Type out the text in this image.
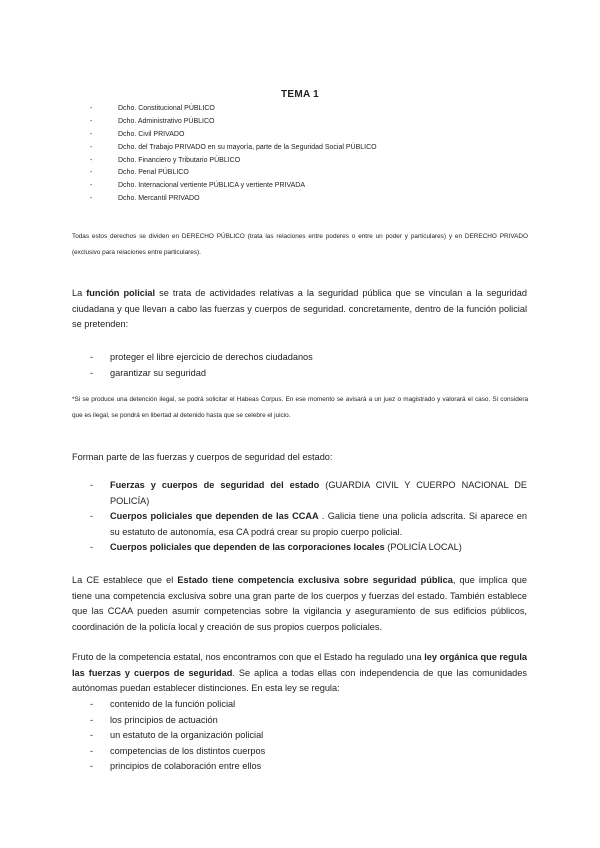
TEMA 1
-	Dcho. Constitucional PÚBLICO
-	Dcho. Administrativo PÚBLICO
-	Dcho. Civil PRIVADO
-	Dcho. del Trabajo PRIVADO en su mayoría, parte de la Seguridad Social PÚBLICO
-	Dcho. Financiero y Tributario PÚBLICO
-	Dcho. Penal PÚBLICO
-	Dcho. Internacional vertiente PÚBLICA y vertiente PRIVADA
-	Dcho. Mercantil PRIVADO
Todas estos derechos se dividen en DERECHO PÚBLICO (trata las relaciones entre poderes o entre un poder y particulares) y en DERECHO PRIVADO (exclusivo para relaciones entre particulares).
La función policial se trata de actividades relativas a la seguridad pública que se vinculan a la seguridad ciudadana y que llevan a cabo las fuerzas y cuerpos de seguridad. concretamente, dentro de la función policial se pretenden:
- proteger el libre ejercicio de derechos ciudadanos
- garantizar su seguridad
*Si se produce una detención ilegal, se podrá solicitar el Habeas Corpus. En ese momento se avisará a un juez o magistrado y valorará el caso. Si considera que es ilegal, se pondrá en libertad al detenido hasta que se celebre el juicio.
Forman parte de las fuerzas y cuerpos de seguridad del estado:
- Fuerzas y cuerpos de seguridad del estado (GUARDIA CIVIL Y CUERPO NACIONAL DE POLICÍA)
- Cuerpos policiales que dependen de las CCAA . Galicia tiene una policía adscrita. Si aparece en su estatuto de autonomía, esa CA podrá crear su propio cuerpo policial.
- Cuerpos policiales que dependen de las corporaciones locales (POLICÍA LOCAL)
La CE establece que el Estado tiene competencia exclusiva sobre seguridad pública, que implica que tiene una competencia exclusiva sobre una gran parte de los cuerpos y fuerzas del estado. También establece que las CCAA pueden asumir competencias sobre la vigilancia y aseguramiento de sus edificios públicos, coordinación de la policía local y creación de sus propios cuerpos policiales.
Fruto de la competencia estatal, nos encontramos con que el Estado ha regulado una ley orgánica que regula las fuerzas y cuerpos de seguridad. Se aplica a todas ellas con independencia de que las comunidades autónomas puedan establecer distinciones. En esta ley se regula:
- contenido de la función policial
- los principios de actuación
- un estatuto de la organización policial
- competencias de los distintos cuerpos
- principios de colaboración entre ellos
